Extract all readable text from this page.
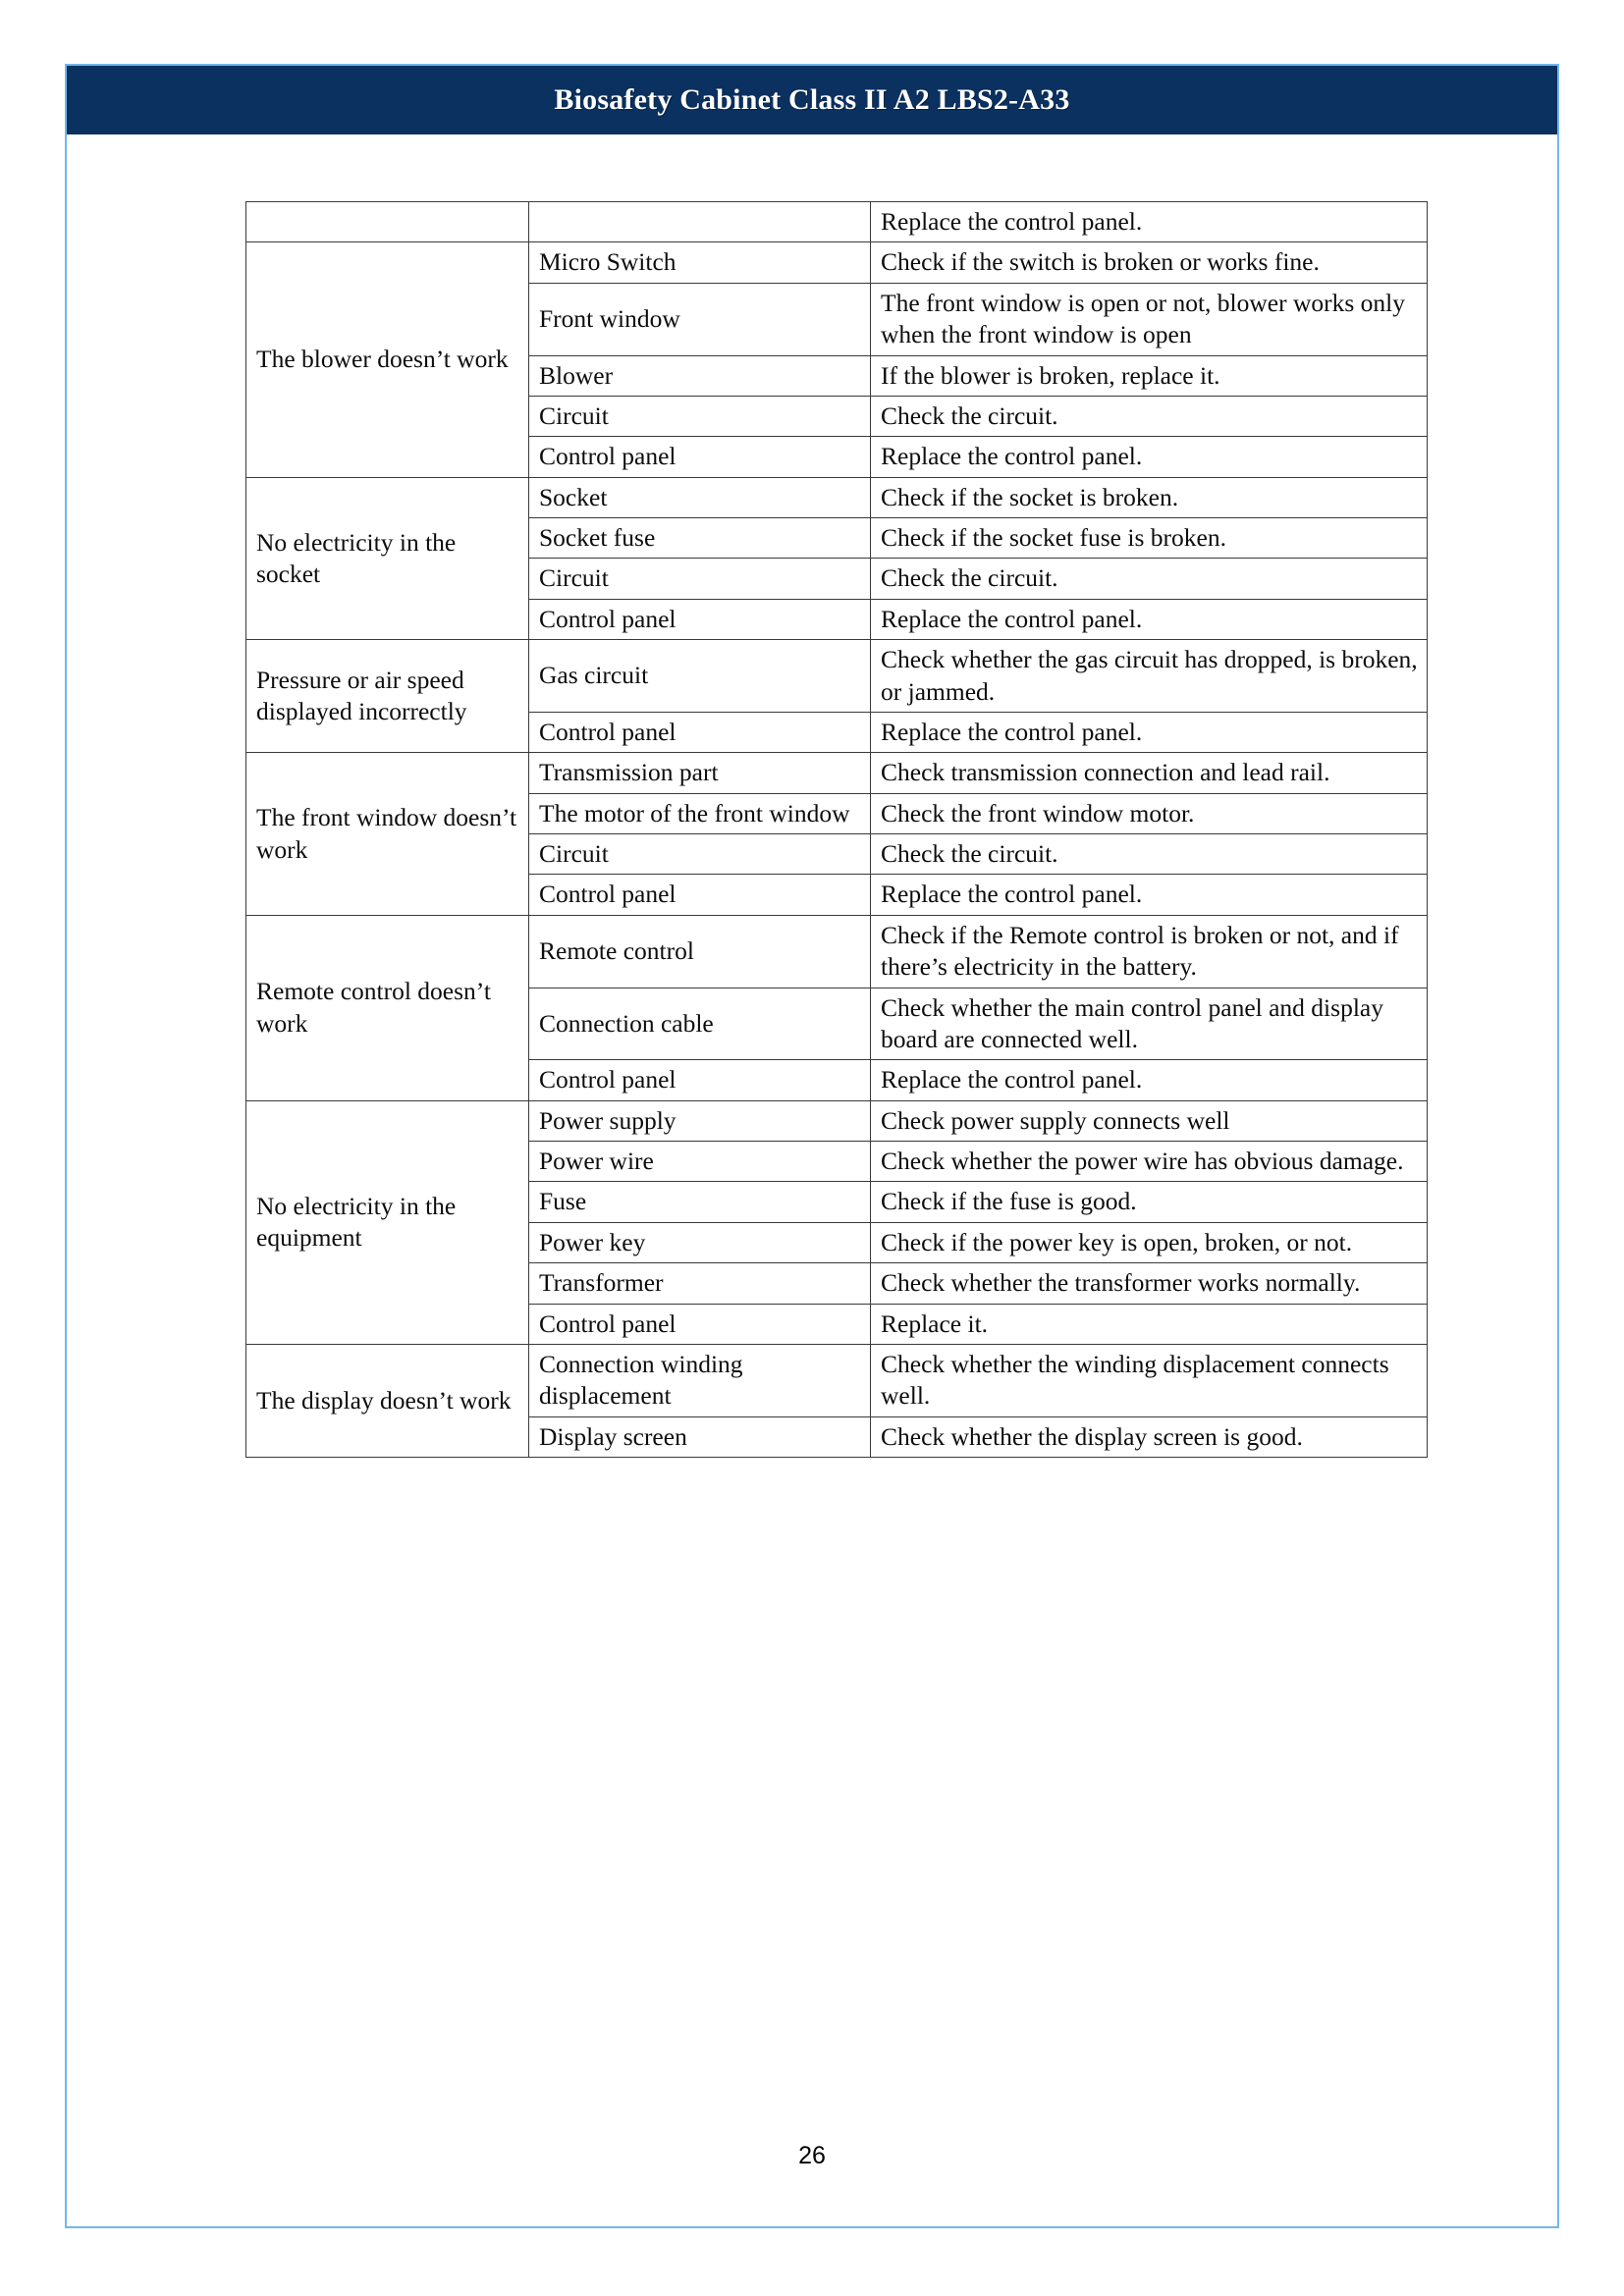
Biosafety Cabinet Class II A2 LBS2-A33
		Replace the control panel.
The blower doesn’t work	Micro Switch	Check if the switch is broken or works fine.
	Front window	The front window is open or not, blower works only when the front window is open
	Blower	If the blower is broken, replace it.
	Circuit	Check the circuit.
	Control panel	Replace the control panel.
No electricity in the socket	Socket	Check if the socket is broken.
	Socket fuse	Check if the socket fuse is broken.
	Circuit	Check the circuit.
	Control panel	Replace the control panel.
Pressure or air speed displayed incorrectly	Gas circuit	Check whether the gas circuit has dropped, is broken, or jammed.
	Control panel	Replace the control panel.
The front window doesn’t work	Transmission part	Check transmission connection and lead rail.
	The motor of the front window	Check the front window motor.
	Circuit	Check the circuit.
	Control panel	Replace the control panel.
Remote control doesn’t work	Remote control	Check if the Remote control is broken or not, and if there’s electricity in the battery.
	Connection cable	Check whether the main control panel and display board are connected well.
	Control panel	Replace the control panel.
No electricity in the equipment	Power supply	Check power supply connects well
	Power wire	Check whether the power wire has obvious damage.
	Fuse	Check if the fuse is good.
	Power key	Check if the power key is open, broken, or not.
	Transformer	Check whether the transformer works normally.
	Control panel	Replace it.
The display doesn’t work	Connection winding displacement	Check whether the winding displacement connects well.
	Display screen	Check whether the display screen is good.
26
